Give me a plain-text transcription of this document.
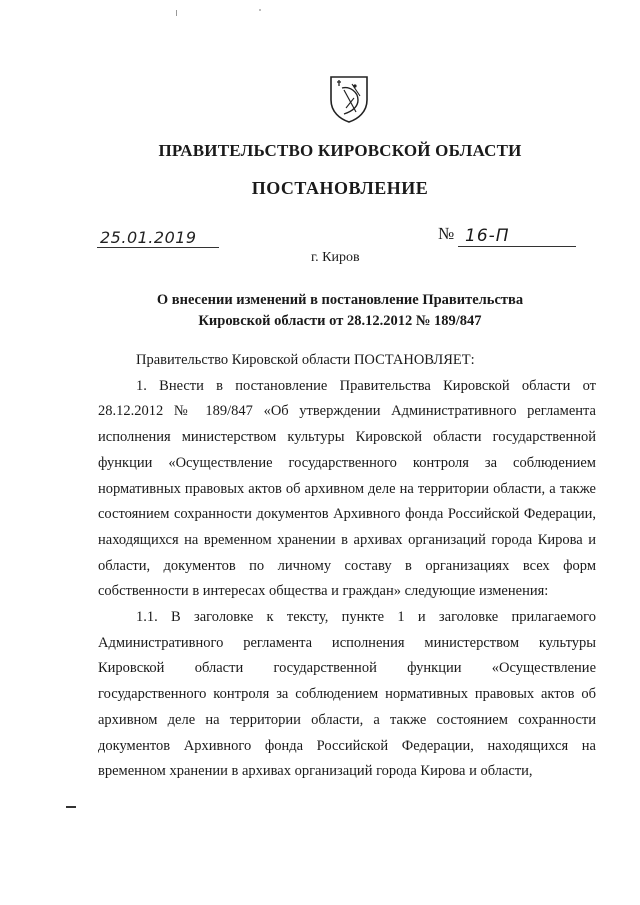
ПРАВИТЕЛЬСТВО КИРОВСКОЙ ОБЛАСТИ
ПОСТАНОВЛЕНИЕ
25.01.2019	№ 16-П
г. Киров
О внесении изменений в постановление Правительства
Кировской области от 28.12.2012 № 189/847

Правительство Кировской области ПОСТАНОВЛЯЕТ:

1. Внести в постановление Правительства Кировской области от 28.12.2012 № 189/847 «Об утверждении Административного регламента исполнения министерством культуры Кировской области государственной функции «Осуществление государственного контроля за соблюдением нормативных правовых актов об архивном деле на территории области, а также состоянием сохранности документов Архивного фонда Российской Федерации, находящихся на временном хранении в архивах организаций города Кирова и области, документов по личному составу в организациях всех форм собственности в интересах общества и граждан» следующие изменения:

1.1. В заголовке к тексту, пункте 1 и заголовке прилагаемого Административного регламента исполнения министерством культуры Кировской области государственной функции «Осуществление государственного контроля за соблюдением нормативных правовых актов об архивном деле на территории области, а также состоянием сохранности документов Архивного фонда Российской Федерации, находящихся на временном хранении в архивах организаций города Кирова и области,
